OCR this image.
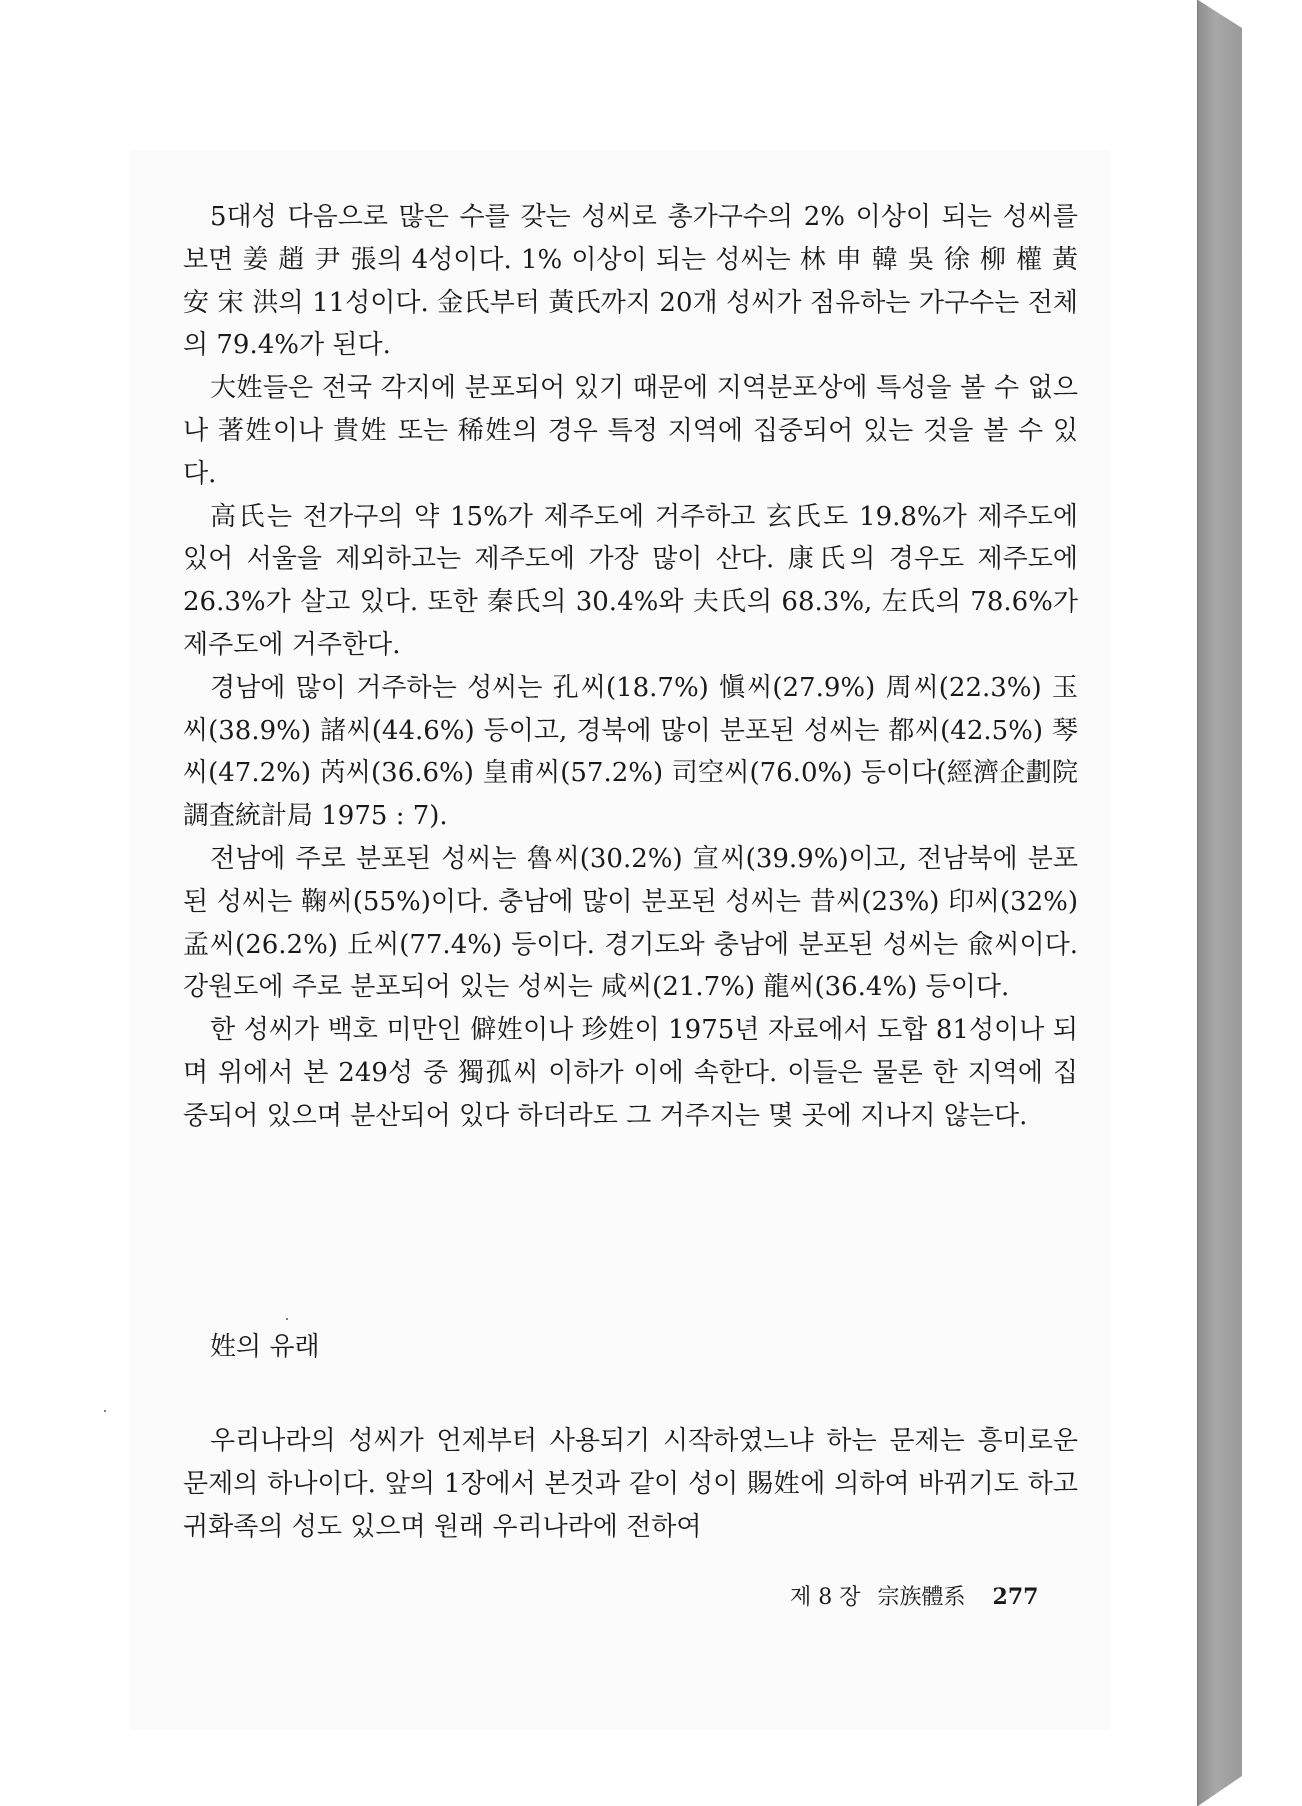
5대성 다음으로 많은 수를 갖는 성씨로 총가구수의 2% 이상이 되는 성씨를 보면 姜 趙 尹 張의 4성이다. 1% 이상이 되는 성씨는 林 申 韓 吳 徐 柳 權 黃 安 宋 洪의 11성이다. 金氏부터 黃氏까지 20개 성씨가 점유하는 가구수는 전체의 79.4%가 된다.

大姓들은 전국 각지에 분포되어 있기 때문에 지역분포상에 특성을 볼 수 없으나 著姓이나 貴姓 또는 稀姓의 경우 특정 지역에 집중되어 있는 것을 볼 수 있다.

高氏는 전가구의 약 15%가 제주도에 거주하고 玄氏도 19.8%가 제주도에 있어 서울을 제외하고는 제주도에 가장 많이 산다. 康氏의 경우도 제주도에 26.3%가 살고 있다. 또한 秦氏의 30.4%와 夫氏의 68.3%, 左氏의 78.6%가 제주도에 거주한다.

경남에 많이 거주하는 성씨는 孔씨(18.7%) 愼씨(27.9%) 周씨(22.3%) 玉씨(38.9%) 諸씨(44.6%) 등이고, 경북에 많이 분포된 성씨는 都씨(42.5%) 琴씨(47.2%) 芮씨(36.6%) 皇甫씨(57.2%) 司空씨(76.0%) 등이다(經濟企劃院 調査統計局 1975 : 7).

전남에 주로 분포된 성씨는 魯씨(30.2%) 宣씨(39.9%)이고, 전남북에 분포된 성씨는 鞠씨(55%)이다. 충남에 많이 분포된 성씨는 昔씨(23%) 印씨(32%) 孟씨(26.2%) 丘씨(77.4%) 등이다. 경기도와 충남에 분포된 성씨는 兪씨이다. 강원도에 주로 분포되어 있는 성씨는 咸씨(21.7%) 龍씨(36.4%) 등이다.

한 성씨가 백호 미만인 僻姓이나 珍姓이 1975년 자료에서 도합 81성이나 되며 위에서 본 249성 중 獨孤씨 이하가 이에 속한다. 이들은 물론 한 지역에 집중되어 있으며 분산되어 있다 하더라도 그 거주지는 몇 곳에 지나지 않는다.

姓의 유래

우리나라의 성씨가 언제부터 사용되기 시작하였느냐 하는 문제는 흥미로운 문제의 하나이다. 앞의 1장에서 본것과 같이 성이 賜姓에 의하여 바뀌기도 하고 귀화족의 성도 있으며 원래 우리나라에 전하여

제 8 장 宗族體系 277
